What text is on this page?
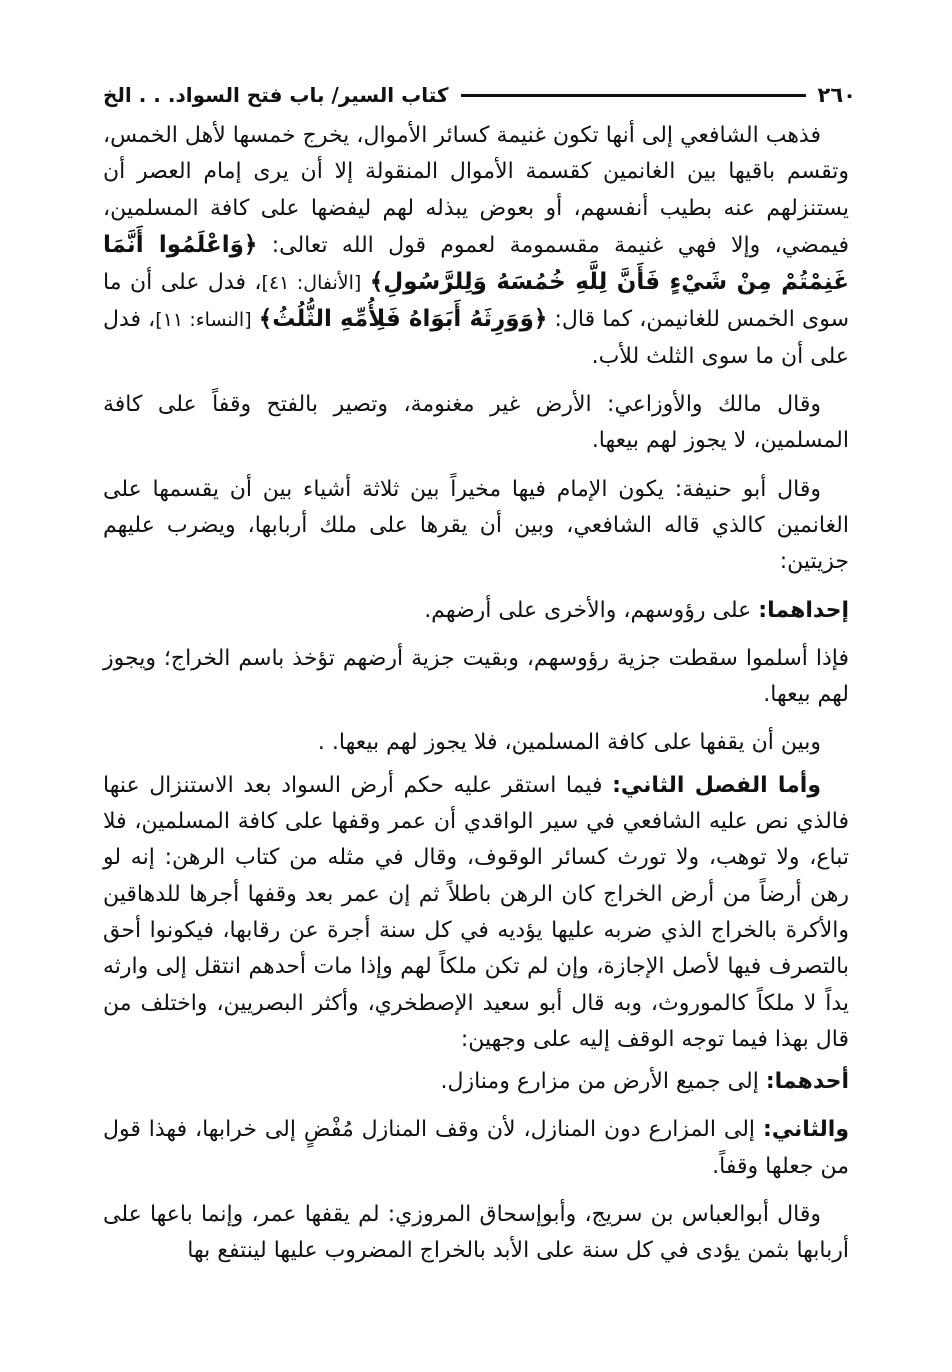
٢٦٠
كتاب السير/ باب فتح السواد. . . الخ

فذهب الشافعي إلى أنها تكون غنيمة كسائر الأموال، يخرج خمسها لأهل الخمس، وتقسم باقيها بين الغانمين كقسمة الأموال المنقولة إلا أن يرى إمام العصر أن يستنزلهم عنه بطيب أنفسهم، أو بعوض يبذله لهم ليفضها على كافة المسلمين، فيمضي، وإلا فهي غنيمة مقسمومة لعموم قول الله تعالى: ﴿وَاعْلَمُوا أَنَّمَا غَنِمْتُمْ مِنْ شَيْءٍ فَأَنَّ لِلَّهِ خُمُسَهُ وَلِلرَّسُولِ﴾ [الأنفال: ٤١]، فدل على أن ما سوى الخمس للغانيمن، كما قال: ﴿وَوَرِثَهُ أَبَوَاهُ فَلِأُمِّهِ الثُّلُثُ﴾ [النساء: ١١]، فدل على أن ما سوى الثلث للأب.

وقال مالك والأوزاعي: الأرض غير مغنومة، وتصير بالفتح وقفاً على كافة المسلمين، لا يجوز لهم بيعها.

وقال أبو حنيفة: يكون الإمام فيها مخيراً بين ثلاثة أشياء بين أن يقسمها على الغانمين كالذي قاله الشافعي، وبين أن يقرها على ملك أربابها، ويضرب عليهم جزيتين:

إحداهما: على رؤوسهم، والأخرى على أرضهم.

فإذا أسلموا سقطت جزية رؤوسهم، وبقيت جزية أرضهم تؤخذ باسم الخراج؛ ويجوز لهم بيعها.

وبين أن يقفها على كافة المسلمين، فلا يجوز لهم بيعها. .

وأما الفصل الثاني: فيما استقر عليه حكم أرض السواد بعد الاستنزال عنها فالذي نص عليه الشافعي في سير الواقدي أن عمر وقفها على كافة المسلمين، فلا تباع، ولا توهب، ولا تورث كسائر الوقوف، وقال في مثله من كتاب الرهن: إنه لو رهن أرضاً من أرض الخراج كان الرهن باطلاً ثم إن عمر بعد وقفها أجرها للدهاقين والأكرة بالخراج الذي ضربه عليها يؤديه في كل سنة أجرة عن رقابها، فيكونوا أحق بالتصرف فيها لأصل الإجازة، وإن لم تكن ملكاً لهم وإذا مات أحدهم انتقل إلى وارثه يداً لا ملكاً كالموروث، وبه قال أبو سعيد الإصطخري، وأكثر البصريين، واختلف من قال بهذا فيما توجه الوقف إليه على وجهين:

أحدهما: إلى جميع الأرض من مزارع ومنازل.

والثاني: إلى المزارع دون المنازل، لأن وقف المنازل مُفْضٍ إلى خرابها، فهذا قول من جعلها وقفاً.

وقال أبوالعباس بن سريج، وأبوإسحاق المروزي: لم يقفها عمر، وإنما باعها على أربابها بثمن يؤدى في كل سنة على الأبد بالخراج المضروب عليها لينتفع بها
